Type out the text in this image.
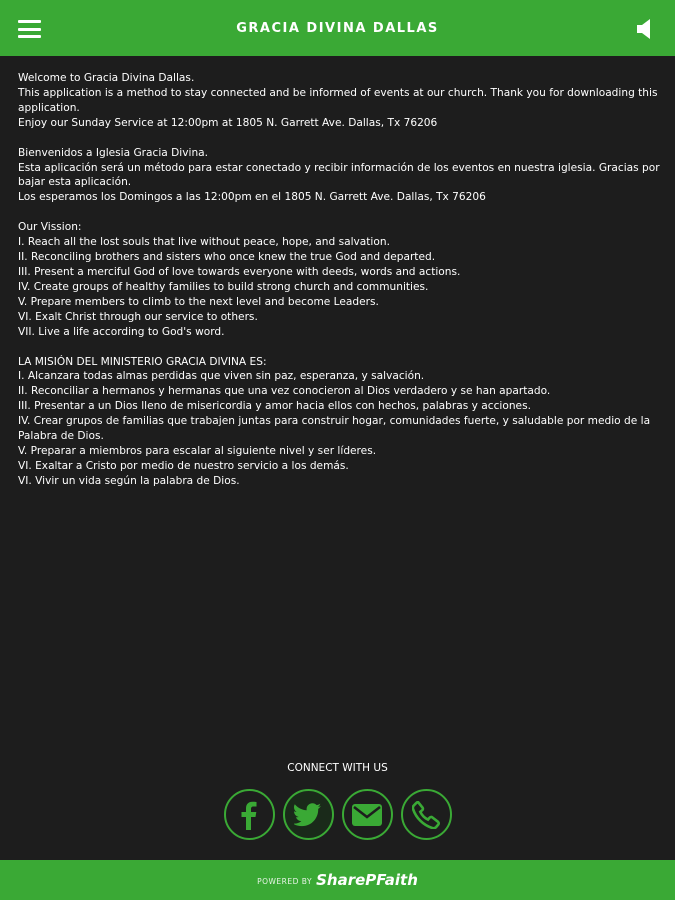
GRACIA DIVINA DALLAS

Welcome to Gracia Divina Dallas.

This application is a method to stay connected and be informed of events at our church. Thank you for downloading this application.

Enjoy our Sunday Service at 12:00pm at 1805 N. Garrett Ave. Dallas, Tx 76206

Bienvenidos a Iglesia Gracia Divina.

Esta aplicación será un método para estar conectado y recibir información de los eventos en nuestra iglesia. Gracias por bajar esta aplicación.

Los esperamos los Domingos a las 12:00pm en el 1805 N. Garrett Ave. Dallas, Tx 76206

Our Vission:

I. Reach all the lost souls that live without peace, hope, and salvation.

II. Reconciling brothers and sisters who once knew the true God and departed.

III. Present a merciful God of love towards everyone with deeds, words and actions.

IV. Create groups of healthy families to build strong church and communities.

V. Prepare members to climb to the next level and become Leaders.

VI. Exalt Christ through our service to others.

VII. Live a life according to God's word.

LA MISIÓN DEL MINISTERIO GRACIA DIVINA ES:

I. Alcanzara todas almas perdidas que viven sin paz, esperanza, y salvación.

II. Reconciliar a hermanos y hermanas que una vez conocieron al Dios verdadero y se han apartado.

III. Presentar a un Dios lleno de misericordia y amor hacia ellos con hechos, palabras y acciones.

IV. Crear grupos de familias que trabajen juntas para construir hogar, comunidades fuerte, y saludable por medio de la Palabra de Dios.

V. Preparar a miembros para escalar al siguiente nivel y ser líderes.

VI. Exaltar a Cristo por medio de nuestro servicio a los demás.

VI. Vivir un vida según la palabra de Dios.

CONNECT WITH US
POWERED BY SharePFaith
